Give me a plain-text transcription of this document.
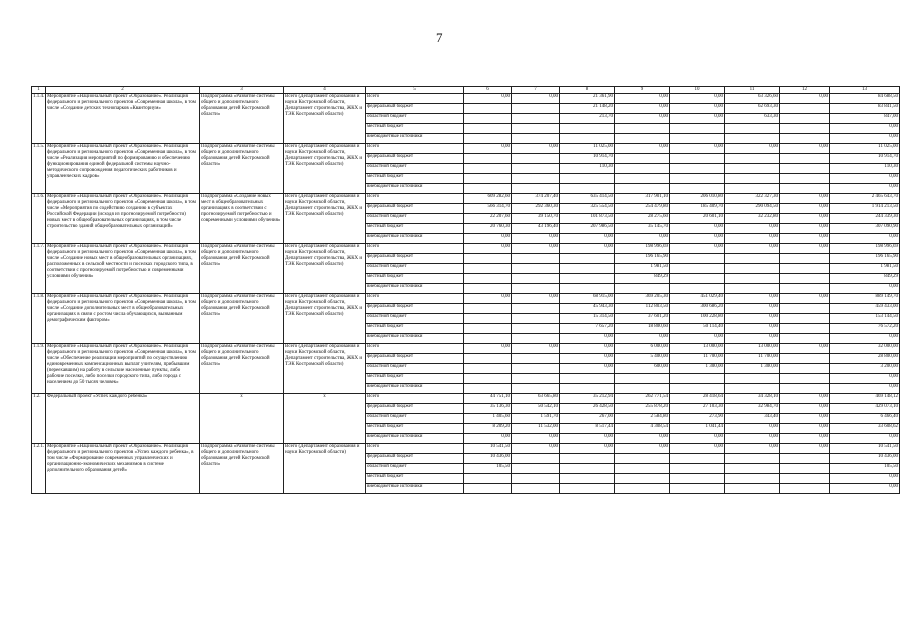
7
1	2	3	4	5	6	7	8	9	10	11	12	13
1.1.4.	Мероприятие «Национальный проект «Образование». Реализация федерального и регионального проектов «Современная школа», в том числе «Создание детских технопарков «Кванториум»	Подпрограмма «Развитие системы общего и дополнительного образования детей Костромской области»	Всего (Департамент образования и науки Костромской области, Департамент строительства, ЖКХ и ТЭК Костромской области)	Всего	0,00	0,00	21 361,90	0,00	0,00	63 326,60	0,00	84 688,50
				федеральный бюджет			21 148,20	0,00	0,00	62 693,30		83 841,50
				областной бюджет			213,70	0,00	0,00	633,30		847,00
				местный бюджет								0,00
				внебюджетные источники								0,00
1.1.5.	Мероприятие «Национальный проект «Образование». Реализация федерального и регионального проектов «Современная школа», в том числе «Реализация мероприятий по формированию и обеспечению функционирования единой федеральной системы научно-методического сопровождения педагогических работников и управленческих кадров»	Подпрограмма «Развитие системы общего и дополнительного образования детей Костромской области»	Всего (Департамент образования и науки Костромской области, Департамент строительства, ЖКХ и ТЭК Костромской области)	Всего	0,00	0,00	11 025,00	0,00	0,00	0,00	0,00	11 025,00
				федеральный бюджет			10 914,70					10 914,70
				областной бюджет			110,30					110,30
				местный бюджет								0,00
				внебюджетные источники								0,00
1.1.6.	Мероприятие «Национальный проект «Образование». Реализация федерального и регионального проектов «Современная школа», в том числе «Мероприятия по содействию созданию в субъектах Российской Федерации (исходя из прогнозируемой потребности) новых мест в общеобразовательных организациях, в том числе строительство зданий общеобразовательных организаций»	Подпрограмма «Создание новых мест в общеобразовательных организациях в соответствии с прогнозируемой потребностью и современными условиями обучения»	Всего (Департамент образования и науки Костромской области, Департамент строительства, ЖКХ и ТЭК Костромской области)	Всего	609 282,60	374 207,40	635 414,50	317 901,10	206 010,80	322 327,30	0,00	2 465 643,70
				федеральный бюджет	566 314,70	292 360,30	325 554,50	254 479,80	185 409,70	290 094,50	0,00	1 914 213,50
				областной бюджет	22 207,60	39 150,70	101 873,50	28 275,60	20 601,10	32 232,80	0,00	244 339,30
				местный бюджет	20 760,30	43 196,40	207 986,50	35 145,70	0,00	0,00	0,00	307 090,90
				внебюджетные источники	0,00	0,00	0,00	0,00	0,00	0,00	0,00	0,00
1.1.7.	Мероприятие «Национальный проект «Образование». Реализация федерального и регионального проектов «Современная школа», в том числе «Создание новых мест в общеобразовательных организациях, расположенных в сельской местности и поселках городского типа, в соответствии с прогнозируемой потребностью и современными условиями обучения»	Подпрограмма «Развитие системы общего и дополнительного образования детей Костромской области»	Всего (Департамент образования и науки Костромской области, Департамент строительства, ЖКХ и ТЭК Костромской области)	Всего	0,00	0,00	0,00	198 996,69	0,00	0,00	0,00	198 996,69
				федеральный бюджет				196 165,90				196 165,90
				областной бюджет				1 981,50				1 981,50
				местный бюджет				849,29				849,29
				внебюджетные источники								0,00
1.1.8.	Мероприятие «Национальный проект «Образование». Реализация федерального и регионального проектов «Современная школа», в том числе «Создание дополнительных мест в общеобразовательных организациях в связи с ростом числа обучающихся, вызванным демографическим фактором»	Подпрограмма «Развитие системы общего и дополнительного образования детей Костромской области»	Всего (Департамент образования и науки Костромской области, Департамент строительства, ЖКХ и ТЭК Костромской области)	Всего	0,00	0,00	68 915,00	369 205,30	451 029,40	0,00	0,00	889 149,70
				федеральный бюджет			45 943,30	112 803,50	300 686,20	0,00		459 433,00
				областной бюджет			15 314,50	37 601,20	100 228,80	0,00		153 144,50
				местный бюджет			7 657,20	18 800,60	50 114,40	0,00		76 572,20
				внебюджетные источники			0,00	0,00	0,00	0,00		0,00
1.1.9.	Мероприятие «Национальный проект «Образование». Реализация федерального и регионального проектов «Современная школа», в том числе «Обеспечение реализации мероприятий по осуществлению единовременных компенсационных выплат учителям, прибывшим (переехавшим) на работу в сельские населенные пункты, либо рабочие поселки, либо поселки городского типа, либо города с населением до 50 тысяч человек»	Подпрограмма «Развитие системы общего и дополнительного образования детей Костромской области»	Всего (Департамент образования и науки Костромской области, Департамент строительства, ЖКХ и ТЭК Костромской области)	Всего	0,00	0,00	0,00	6 000,00	13 000,00	13 000,00	0,00	32 000,00
				федеральный бюджет			0,00	5 400,00	11 700,00	11 700,00		28 800,00
				областной бюджет			0,00	600,00	1 300,00	1 300,00		3 200,00
				местный бюджет								0,00
				внебюджетные источники								0,00
1.2.	Федеральный проект «Успех каждого ребенка»	х	х	Всего	44 751,10	63 665,80	35 212,94	262 771,54	28 418,64	34 328,10	0,00	469 148,12
				федеральный бюджет	35 136,30	50 542,10	26 428,50	255 878,20	27 103,30	32 984,70	0,00	429 073,10
				областной бюджет	1 405,60	1 591,70	267,00	2 584,80	273,90	343,40	0,00	6 466,40
				местный бюджет	8 209,20	11 532,00	8 517,44	4 308,54	1 041,44	0,00	0,00	33 608,62
				внебюджетные источники	0,00	0,00	0,00	0,00	0,00	0,00	0,00	0,00
1.2.1.	Мероприятие «Национальный проект «Образование». Реализация федерального и регионального проектов «Успех каждого ребенка», в том числе «Формирование современных управленческих и организационно-экономических механизмов в системе дополнительного образования детей»	Подпрограмма «Развитие системы общего и дополнительного образования детей Костромской области»	Всего (Департамент образования и науки Костромской области)	Всего	10 541,50	0,00	0,00	0,00	0,00	0,00	0,00	10 541,50
				федеральный бюджет	10 436,00							10 436,00
				областной бюджет	105,50							105,50
				местный бюджет								0,00
				внебюджетные источники								0,00
